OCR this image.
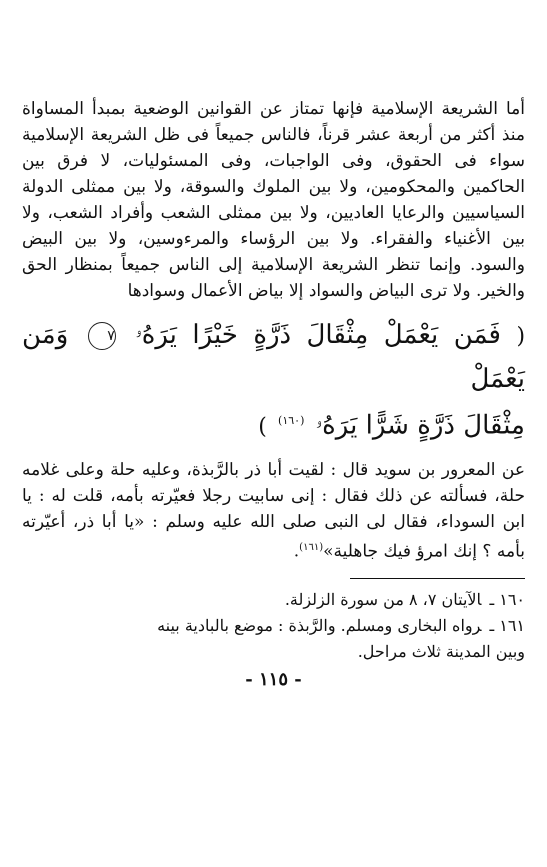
أما الشريعة الإسلامية فإنها تمتاز عن القوانين الوضعية بمبدأ المساواة منذ أكثر من أربعة عشر قرناً، فالناس جميعاً فى ظل الشريعة الإسلامية سواء فى الحقوق، وفى الواجبات، وفى المسئوليات، لا فرق بين الحاكمين والمحكومين، ولا بين الملوك والسوقة، ولا بين ممثلى الدولة السياسيين والرعايا العاديين، ولا بين ممثلى الشعب وأفراد الشعب، ولا بين الأغنياء والفقراء. ولا بين الرؤساء والمرءوسين، ولا بين البيض والسود. وإنما تنظر الشريعة الإسلامية إلى الناس جميعاً بمنظار الحق والخير. ولا ترى البياض والسواد إلا بياض الأعمال وسوادها
( فَمَن يَعْمَلْ مِثْقَالَ ذَرَّةٍ خَيْرًا يَرَهُۥ ٧ وَمَن يَعْمَلْ
مِثْقَالَ ذَرَّةٍ شَرًّا يَرَهُۥ $^{(١٦٠)}$ )
عن المعرور بن سويد قال : لقيت أبا ذر بالرَّبذة، وعليه حلة وعلى غلامه حلة، فسألته عن ذلك فقال : إنى سابيت رجلا فعيّرته بأمه، قلت له : يا ابن السوداء، فقال لى النبى صلى الله عليه وسلم : «يا أبا ذر، أعيّرته بأمه ؟ إنك امرؤ فيك جاهلية»$^{(١٦١)}$.

١٦٠ ـالآيتان ٧، ٨ من سورة الزلزلة.

١٦١ ـرواه البخارى ومسلم. والرَّبذة : موضع بالبادية بينه

وبين المدينة ثلاث مراحل.

- ١١٥ -
